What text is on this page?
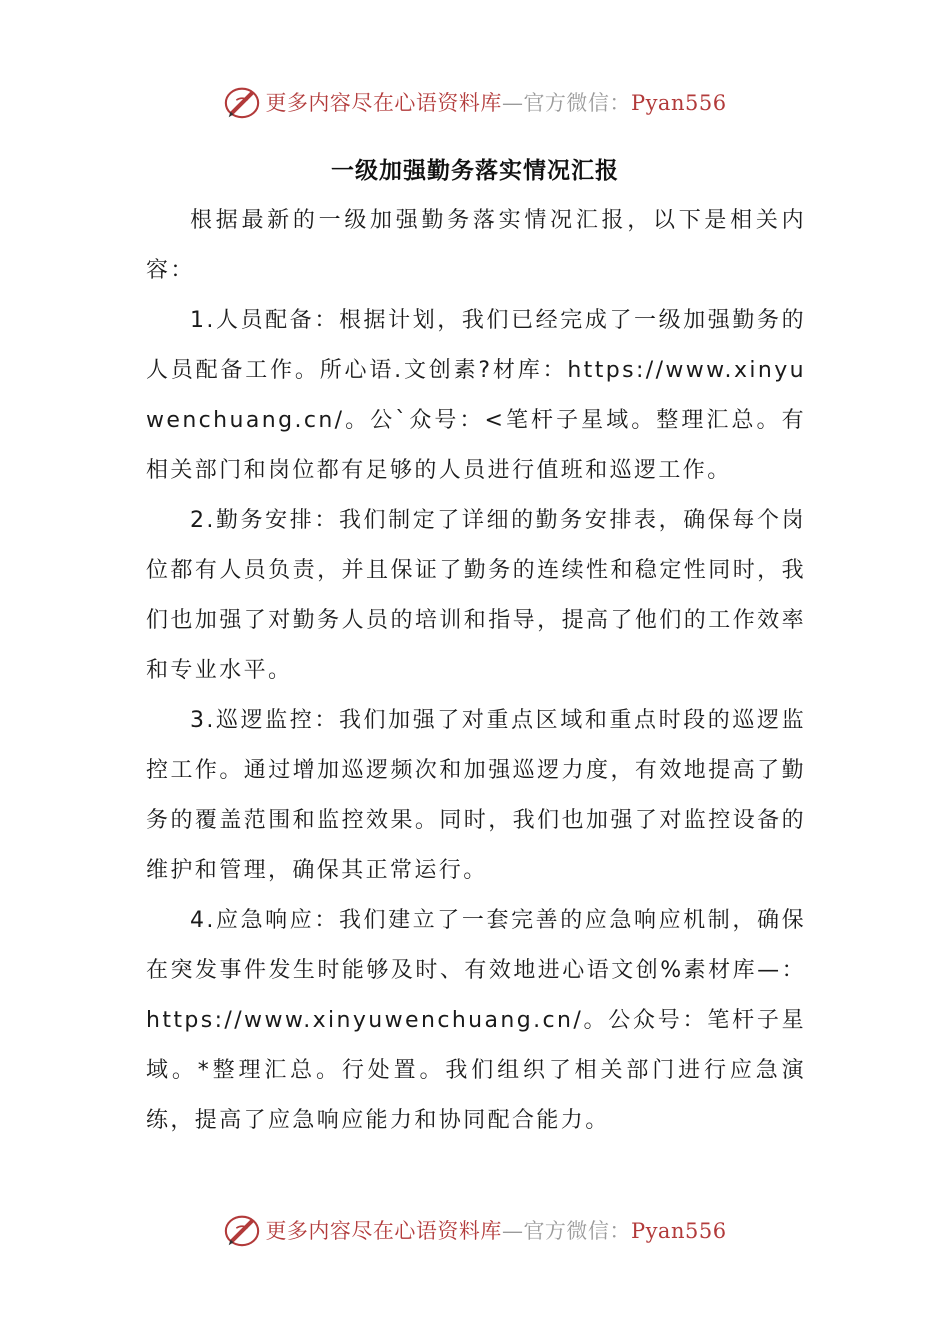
更多内容尽在心语资料库—官方微信：Pyan556
一级加强勤务落实情况汇报

根据最新的一级加强勤务落实情况汇报，以下是相关内容：

1.人员配备：根据计划，我们已经完成了一级加强勤务的人员配备工作。所心语.文创素?材库：https://www.xinyuwenchuang.cn/。公`众号：<笔杆子星域。整理汇总。有相关部门和岗位都有足够的人员进行值班和巡逻工作。

2.勤务安排：我们制定了详细的勤务安排表，确保每个岗位都有人员负责，并且保证了勤务的连续性和稳定性同时，我们也加强了对勤务人员的培训和指导，提高了他们的工作效率和专业水平。

3.巡逻监控：我们加强了对重点区域和重点时段的巡逻监控工作。通过增加巡逻频次和加强巡逻力度，有效地提高了勤务的覆盖范围和监控效果。同时，我们也加强了对监控设备的维护和管理，确保其正常运行。

4.应急响应：我们建立了一套完善的应急响应机制，确保在突发事件发生时能够及时、有效地进心语文创%素材库—：https://www.xinyuwenchuang.cn/。公众号：笔杆子星域。*整理汇总。行处置。我们组织了相关部门进行应急演练，提高了应急响应能力和协同配合能力。

更多内容尽在心语资料库—官方微信：Pyan556
